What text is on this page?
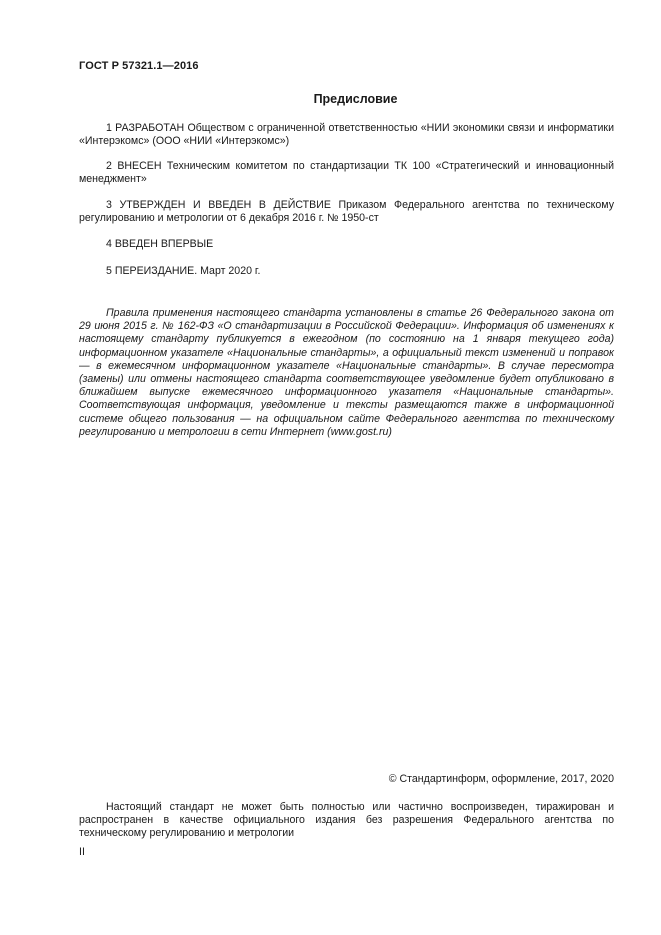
ГОСТ Р 57321.1—2016
Предисловие

1 РАЗРАБОТАН Обществом с ограниченной ответственностью «НИИ экономики связи и информатики «Интерэкомс» (ООО «НИИ «Интерэкомс»)

2 ВНЕСЕН Техническим комитетом по стандартизации ТК 100 «Стратегический и инновационный менеджмент»

3 УТВЕРЖДЕН И ВВЕДЕН В ДЕЙСТВИЕ Приказом Федерального агентства по техническому регулированию и метрологии от 6 декабря 2016 г. № 1950-ст

4 ВВЕДЕН ВПЕРВЫЕ

5 ПЕРЕИЗДАНИЕ. Март 2020 г.

Правила применения настоящего стандарта установлены в статье 26 Федерального закона от 29 июня 2015 г. № 162-ФЗ «О стандартизации в Российской Федерации». Информация об изменениях к настоящему стандарту публикуется в ежегодном (по состоянию на 1 января текущего года) информационном указателе «Национальные стандарты», а официальный текст изменений и поправок — в ежемесячном информационном указателе «Национальные стандарты». В случае пересмотра (замены) или отмены настоящего стандарта соответствующее уведомление будет опубликовано в ближайшем выпуске ежемесячного информационного указателя «Национальные стандарты». Соответствующая информация, уведомление и тексты размещаются также в информационной системе общего пользования — на официальном сайте Федерального агентства по техническому регулированию и метрологии в сети Интернет (www.gost.ru)

© Стандартинформ, оформление, 2017, 2020

Настоящий стандарт не может быть полностью или частично воспроизведен, тиражирован и распространен в качестве официального издания без разрешения Федерального агентства по техническому регулированию и метрологии

II
